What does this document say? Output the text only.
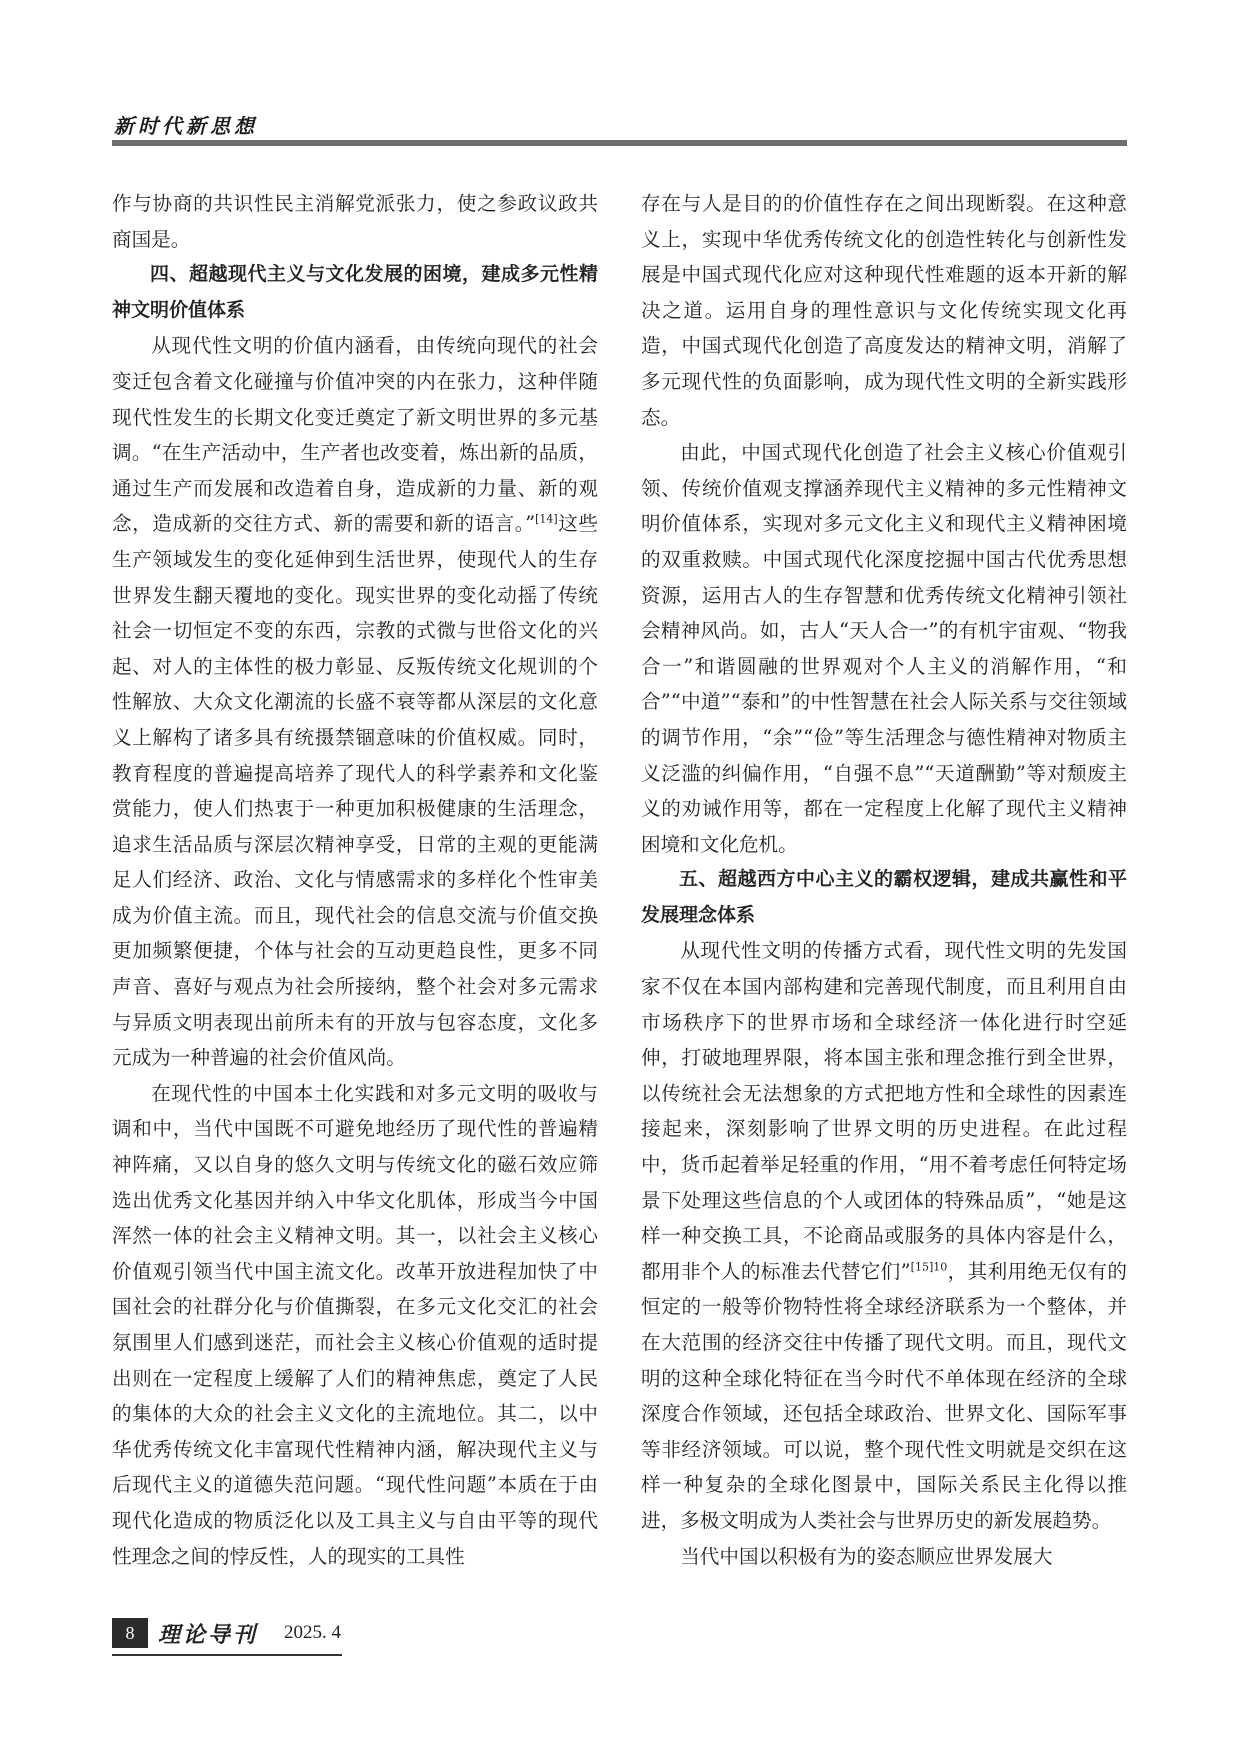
新时代新思想

作与协商的共识性民主消解党派张力，使之参政议政共商国是。

四、超越现代主义与文化发展的困境，建成多元性精神文明价值体系

从现代性文明的价值内涵看，由传统向现代的社会变迁包含着文化碰撞与价值冲突的内在张力，这种伴随现代性发生的长期文化变迁奠定了新文明世界的多元基调。“在生产活动中，生产者也改变着，炼出新的品质，通过生产而发展和改造着自身，造成新的力量、新的观念，造成新的交往方式、新的需要和新的语言。”[14]这些生产领域发生的变化延伸到生活世界，使现代人的生存世界发生翻天覆地的变化。现实世界的变化动摇了传统社会一切恒定不变的东西，宗教的式微与世俗文化的兴起、对人的主体性的极力彰显、反叛传统文化规训的个性解放、大众文化潮流的长盛不衰等都从深层的文化意义上解构了诸多具有统摄禁锢意味的价值权威。同时，教育程度的普遍提高培养了现代人的科学素养和文化鉴赏能力，使人们热衷于一种更加积极健康的生活理念，追求生活品质与深层次精神享受，日常的主观的更能满足人们经济、政治、文化与情感需求的多样化个性审美成为价值主流。而且，现代社会的信息交流与价值交换更加频繁便捷，个体与社会的互动更趋良性，更多不同声音、喜好与观点为社会所接纳，整个社会对多元需求与异质文明表现出前所未有的开放与包容态度，文化多元成为一种普遍的社会价值风尚。

在现代性的中国本土化实践和对多元文明的吸收与调和中，当代中国既不可避免地经历了现代性的普遍精神阵痛，又以自身的悠久文明与传统文化的磁石效应筛选出优秀文化基因并纳入中华文化肌体，形成当今中国浑然一体的社会主义精神文明。其一，以社会主义核心价值观引领当代中国主流文化。改革开放进程加快了中国社会的社群分化与价值撕裂，在多元文化交汇的社会氛围里人们感到迷茫，而社会主义核心价值观的适时提出则在一定程度上缓解了人们的精神焦虑，奠定了人民的集体的大众的社会主义文化的主流地位。其二，以中华优秀传统文化丰富现代性精神内涵，解决现代主义与后现代主义的道德失范问题。“现代性问题”本质在于由现代化造成的物质泛化以及工具主义与自由平等的现代性理念之间的悖反性，人的现实的工具性

存在与人是目的的价值性存在之间出现断裂。在这种意义上，实现中华优秀传统文化的创造性转化与创新性发展是中国式现代化应对这种现代性难题的返本开新的解决之道。运用自身的理性意识与文化传统实现文化再造，中国式现代化创造了高度发达的精神文明，消解了多元现代性的负面影响，成为现代性文明的全新实践形态。

由此，中国式现代化创造了社会主义核心价值观引领、传统价值观支撑涵养现代主义精神的多元性精神文明价值体系，实现对多元文化主义和现代主义精神困境的双重救赎。中国式现代化深度挖掘中国古代优秀思想资源，运用古人的生存智慧和优秀传统文化精神引领社会精神风尚。如，古人“天人合一”的有机宇宙观、“物我合一”和谐圆融的世界观对个人主义的消解作用，“和合”“中道”“泰和”的中性智慧在社会人际关系与交往领域的调节作用，“余”“俭”等生活理念与德性精神对物质主义泛滥的纠偏作用，“自强不息”“天道酬勤”等对颓废主义的劝诫作用等，都在一定程度上化解了现代主义精神困境和文化危机。

五、超越西方中心主义的霸权逻辑，建成共赢性和平发展理念体系

从现代性文明的传播方式看，现代性文明的先发国家不仅在本国内部构建和完善现代制度，而且利用自由市场秩序下的世界市场和全球经济一体化进行时空延伸，打破地理界限，将本国主张和理念推行到全世界，以传统社会无法想象的方式把地方性和全球性的因素连接起来，深刻影响了世界文明的历史进程。在此过程中，货币起着举足轻重的作用，“用不着考虑任何特定场景下处理这些信息的个人或团体的特殊品质”，“她是这样一种交换工具，不论商品或服务的具体内容是什么，都用非个人的标准去代替它们”$^{[15]10}$，其利用绝无仅有的恒定的一般等价物特性将全球经济联系为一个整体，并在大范围的经济交往中传播了现代文明。而且，现代文明的这种全球化特征在当今时代不单体现在经济的全球深度合作领域，还包括全球政治、世界文化、国际军事等非经济领域。可以说，整个现代性文明就是交织在这样一种复杂的全球化图景中，国际关系民主化得以推进，多极文明成为人类社会与世界历史的新发展趋势。

当代中国以积极有为的姿态顺应世界发展大

8	理论导刊 2025. 4
